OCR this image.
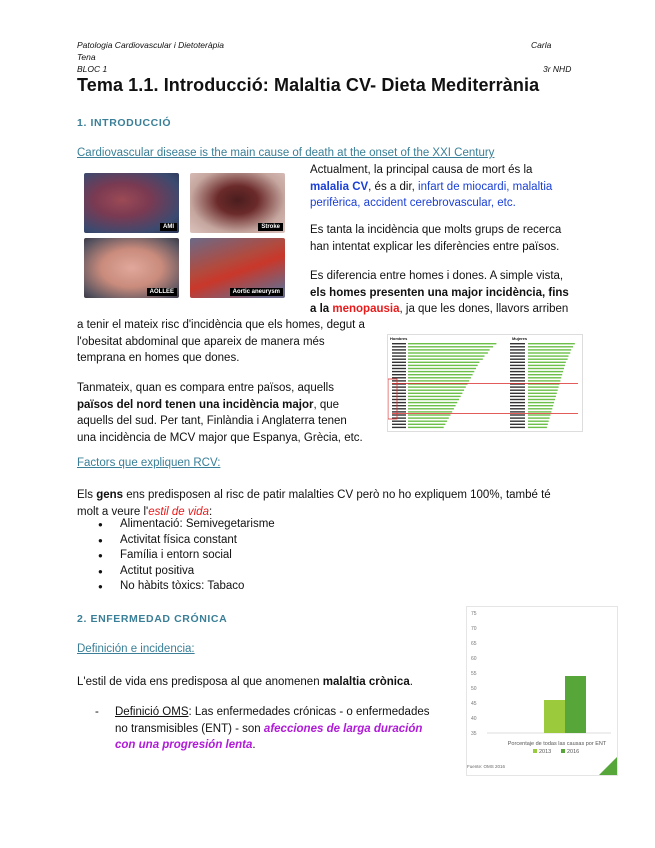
Patologia Cardiovascular i Dietoteràpia	Carla
Tena
BLOC 1	3r NHD
Tema 1.1. Introducció: Malaltia CV- Dieta Mediterrània
1. INTRODUCCIÓ
Cardiovascular disease is the main cause of death at the onset of the XXI Century
AMI	Stroke
AOLLEE	Aortic aneurysm
Actualment, la principal causa de mort és la
malalia CV, és a dir, infart de miocardi, malaltia
perifèrica, accident cerebrovascular, etc.
Es tanta la incidència que molts grups de recerca
han intentat explicar les diferències entre països.
Es diferencia entre homes i dones. A simple vista,
els homes presenten una major incidència, fins
a la menopausia, ja que les dones, llavors arriben
a tenir el mateix risc d'incidència que els homes, degut a
l'obesitat abdominal que apareix de manera més
temprana en homes que dones.
Tanmateix, quan es compara entre països, aquells
països del nord tenen una incidència major, que
aquells del sud. Per tant, Finlàndia i Anglaterra tenen
una incidència de MCV major que Espanya, Grècia, etc.
Hombres	Mujeres
Factors que expliquen RCV:
Els gens ens predisposen al risc de patir malalties CV però no ho expliquem 100%, també té
molt a veure l'estil de vida:
● Alimentació: Semivegetarisme
● Activitat física constant
● Família i entorn social
● Actitut positiva
● No hàbits tòxics: Tabaco
2. ENFERMEDAD CRÓNICA
Definición e incidencia:
L'estil de vida ens predisposa al que anomenen malaltia crònica.
- Definició OMS: Las enfermedades crónicas - o enfermedades
no transmisibles (ENT) - son afecciones de larga duración
con una progresión lenta.
75
70
65
60
55
50
45
40
35
Porcentaje de todas las causas por ENT
2013	2016
Fuente: OMS 2016
